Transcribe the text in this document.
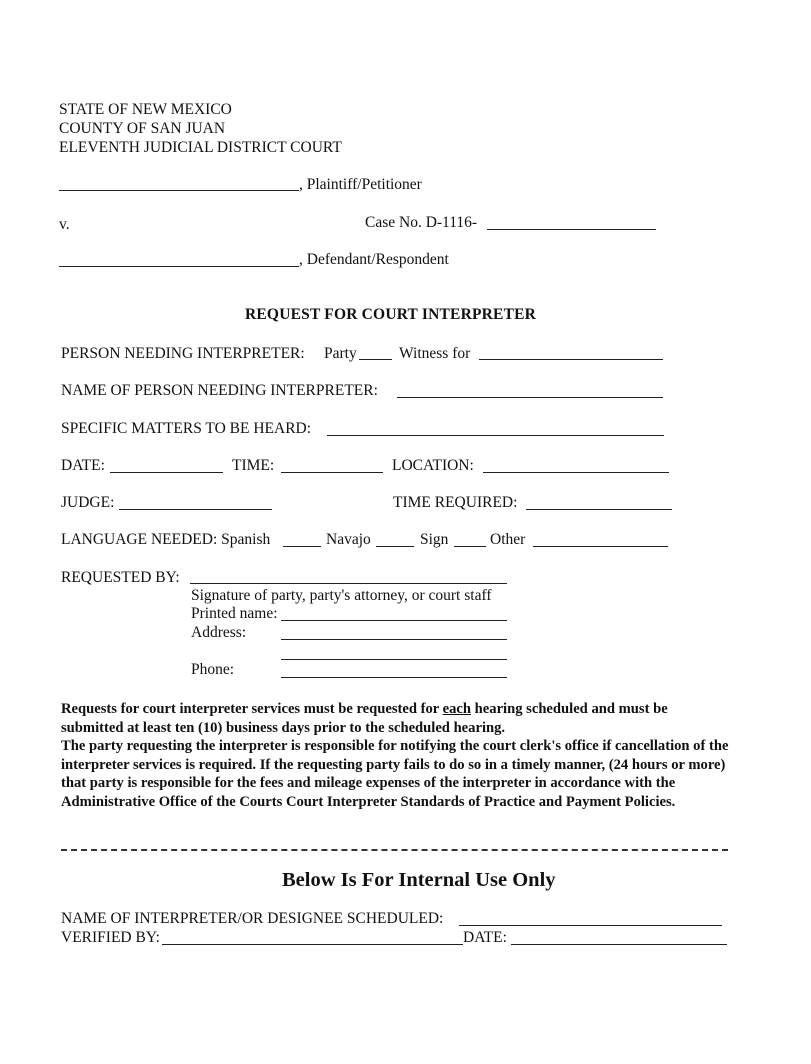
STATE OF NEW MEXICO
COUNTY OF SAN JUAN
ELEVENTH JUDICIAL DISTRICT COURT
, Plaintiff/Petitioner
v.	Case No. D-1116-
, Defendant/Respondent
REQUEST FOR COURT INTERPRETER
PERSON NEEDING INTERPRETER: Party	Witness for
NAME OF PERSON NEEDING INTERPRETER:
SPECIFIC MATTERS TO BE HEARD:
DATE:	TIME:	LOCATION:
JUDGE:	TIME REQUIRED:
LANGUAGE NEEDED: Spanish	Navajo	Sign	Other
REQUESTED BY:
Signature of party, party's attorney, or court staff
Printed name:
Address:
Phone:
Requests for court interpreter services must be requested for each hearing scheduled and must be submitted at least ten (10) business days prior to the scheduled hearing.
The party requesting the interpreter is responsible for notifying the court clerk's office if cancellation of the interpreter services is required. If the requesting party fails to do so in a timely manner, (24 hours or more) that party is responsible for the fees and mileage expenses of the interpreter in accordance with the Administrative Office of the Courts Court Interpreter Standards of Practice and Payment Policies.
Below Is For Internal Use Only
NAME OF INTERPRETER/OR DESIGNEE SCHEDULED:
VERIFIED BY:	DATE:
